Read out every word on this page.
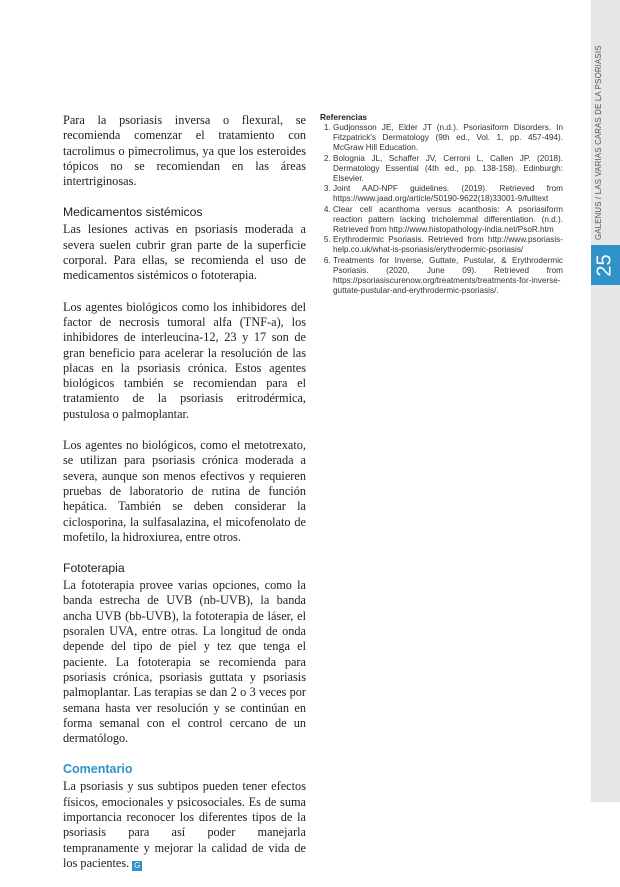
25
GALENUS / LAS VARIAS CARAS DE LA PSORIASIS

Para la psoriasis inversa o flexural, se recomienda comenzar el tratamiento con tacrolimus o pimecrolimus, ya que los esteroides tópicos no se recomiendan en las áreas intertriginosas.

Medicamentos sistémicos

Las lesiones activas en psoriasis moderada a severa suelen cubrir gran parte de la superficie corporal. Para ellas, se recomienda el uso de medicamentos sistémicos o fototerapia.

Los agentes biológicos como los inhibidores del factor de necrosis tumoral alfa (TNF-a), los inhibidores de interleucina-12, 23 y 17 son de gran beneficio para acelerar la resolución de las placas en la psoriasis crónica. Estos agentes biológicos también se recomiendan para el tratamiento de la psoriasis eritrodérmica, pustulosa o palmoplantar.

Los agentes no biológicos, como el metotrexato, se utilizan para psoriasis crónica moderada a severa, aunque son menos efectivos y requieren pruebas de laboratorio de rutina de función hepática. También se deben considerar la ciclosporina, la sulfasalazina, el micofenolato de mofetilo, la hidroxiurea, entre otros.

Fototerapia

La fototerapia provee varias opciones, como la banda estrecha de UVB (nb-UVB), la banda ancha UVB (bb-UVB), la fototerapia de láser, el psoralen UVA, entre otras. La longitud de onda depende del tipo de piel y tez que tenga el paciente. La fototerapia se recomienda para psoriasis crónica, psoriasis guttata y psoriasis palmoplantar. Las terapias se dan 2 o 3 veces por semana hasta ver resolución y se continúan en forma semanal con el control cercano de un dermatólogo.

Comentario

La psoriasis y sus subtipos pueden tener efectos físicos, emocionales y psicosociales. Es de suma importancia reconocer los diferentes tipos de la psoriasis para así poder manejarla tempranamente y mejorar la calidad de vida de los pacientes. G

Referencias
1. Gudjonsson JE, Elder JT (n.d.). Psoriasiform Disorders. In Fitzpatrick's Dermatology (9th ed., Vol. 1, pp. 457-494). McGraw Hill Education.
2. Bolognia JL, Schaffer JV, Cerroni L, Callen JP. (2018). Dermatology Essential (4th ed., pp. 138-158). Edinburgh: Elsevier.
3. Joint AAD-NPF guidelines. (2019). Retrieved from https://www.jaad.org/article/S0190-9622(18)33001-9/fulltext
4. Clear cell acanthoma versus acanthosis: A psoriasiform reaction pattern lacking tricholemmal differentiation. (n.d.). Retrieved from http://www.histopathology-india.net/PsoR.htm
5. Erythrodermic Psoriasis. Retrieved from http://www.psoriasis-help.co.uk/what-is-psoriasis/erythrodermic-psoriasis/
6. Treatments for Inverse, Guttate, Pustular, & Erythrodermic Psoriasis. (2020, June 09). Retrieved from https://psoriasiscurenow.org/treatments/treatments-for-inverse-guttate-pustular-and-erythrodermic-psoriasis/.
